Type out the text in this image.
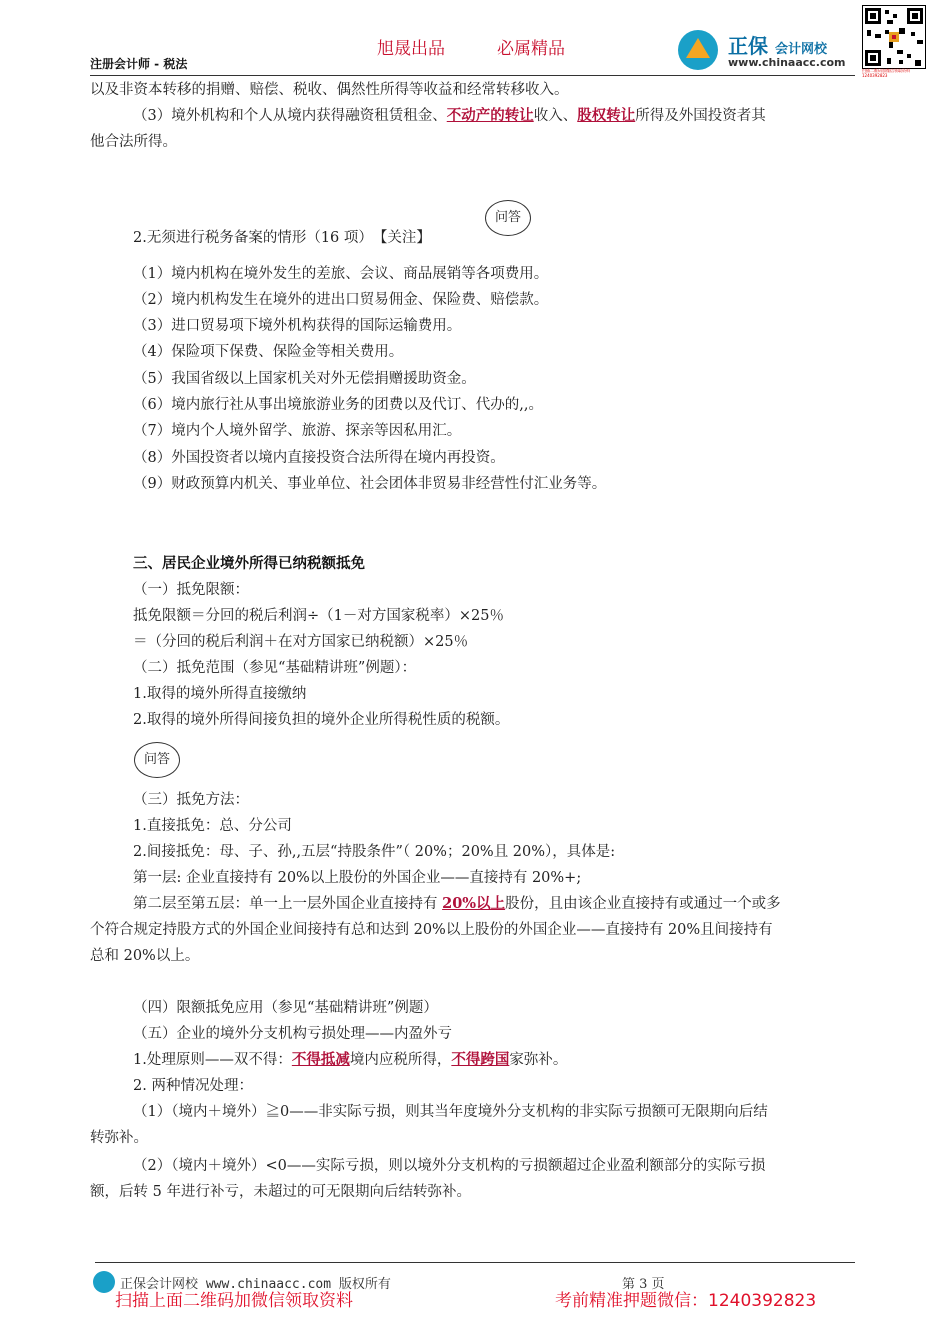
旭晟出品	必属精品
注册会计师 - 税法
正保 会计网校
www.chinaacc.com
扫描二维码加微信领取资料 1240392823
以及非资本转移的捐赠、赔偿、税收、偶然性所得等收益和经常转移收入。
（3）境外机构和个人从境内获得融资租赁租金、不动产的转让收入、股权转让所得及外国投资者其
他合法所得。
问答
2.无须进行税务备案的情形（16 项）　【关注】
（1）境内机构在境外发生的差旅、会议、商品展销等各项费用。
（2）境内机构发生在境外的进出口贸易佣金、保险费、赔偿款。
（3）进口贸易项下境外机构获得的国际运输费用。
（4）保险项下保费、保险金等相关费用。
（5）我国省级以上国家机关对外无偿捐赠援助资金。
（6）境内旅行社从事出境旅游业务的团费以及代订、代办的,,。
（7）境内个人境外留学、旅游、探亲等因私用汇。
（8）外国投资者以境内直接投资合法所得在境内再投资。
（9）财政预算内机关、事业单位、社会团体非贸易非经营性付汇业务等。
三、居民企业境外所得已纳税额抵免
（一）抵免限额：
抵免限额＝分回的税后利润÷（1－对方国家税率）×25％
＝（分回的税后利润＋在对方国家已纳税额）×25％
（二）抵免范围（参见“基础精讲班”例题）：
1.取得的境外所得直接缴纳
2.取得的境外所得间接负担的境外企业所得税性质的税额。
问答
（三）抵免方法：
1.直接抵免：总、分公司
2.间接抵免：母、子、孙,,五层“持股条件”（ 20%；20%且 20%），具体是:
第一层: 企业直接持有 20%以上股份的外国企业——直接持有 20%+;
第二层至第五层：单一上一层外国企业直接持有 20%以上股份，且由该企业直接持有或通过一个或多
个符合规定持股方式的外国企业间接持有总和达到 20%以上股份的外国企业——直接持有 20%且间接持有
总和 20%以上。
（四）限额抵免应用（参见“基础精讲班”例题）
（五）企业的境外分支机构亏损处理——内盈外亏
1.处理原则——双不得：不得抵减境内应税所得，不得跨国家弥补。
2. 两种情况处理：
（1）（境内＋境外）≧0——非实际亏损，则其当年度境外分支机构的非实际亏损额可无限期向后结
转弥补。
（2）（境内＋境外）<0——实际亏损，则以境外分支机构的亏损额超过企业盈利额部分的实际亏损
额，后转 5 年进行补亏，未超过的可无限期向后结转弥补。
正保会计网校 www.chinaacc.com 版权所有	第 3 页
扫描上面二维码加微信领取资料	考前精准押题微信：1240392823
